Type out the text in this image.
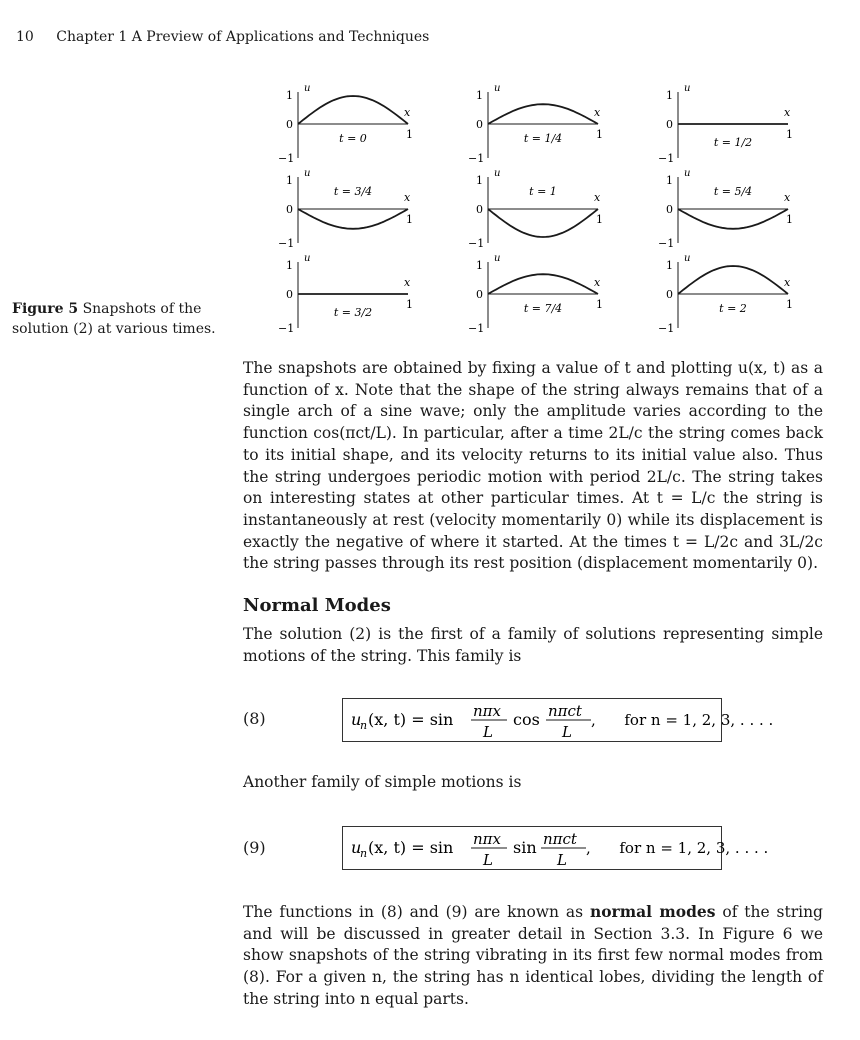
10 Chapter 1 A Preview of Applications and Techniques
Figure 5 Snapshots of the solution (2) at various times.
1
0
−1
u
x
1
t = 0
1
0
−1
u
x
1
t = 1/4
1
0
−1
u
x
1
t = 1/2
1
0
−1
u
x
1
t = 3/4
1
0
−1
u
x
1
t = 1
1
0
−1
u
x
1
t = 5/4
1
0
−1
u
x
1
t = 3/2
1
0
−1
u
x
1
t = 7/4
1
0
−1
u
x
1
t = 2

The snapshots are obtained by fixing a value of t and plotting u(x, t) as a function of x. Note that the shape of the string always remains that of a single arch of a sine wave; only the amplitude varies according to the function cos(πct/L). In particular, after a time 2L/c the string comes back to its initial shape, and its velocity returns to its initial value also. Thus the string undergoes periodic motion with period 2L/c. The string takes on interesting states at other particular times. At t = L/c the string is instantaneously at rest (velocity momentarily 0) while its displacement is exactly the negative of where it started. At the times t = L/2c and 3L/2c the string passes through its rest position (displacement momentarily 0).

Normal Modes

The solution (2) is the first of a family of solutions representing simple motions of the string. This family is

(8)	u
n (x, t) = sin nπx
L
cos nπct
L
,      for n = 1, 2, 3, . . . .

Another family of simple motions is

(9)	u
n (x, t) = sin nπx
L
sin nπct
L
,      for n = 1, 2, 3, . . . .

The functions in (8) and (9) are known as normal modes of the string and will be discussed in greater detail in Section 3.3. In Figure 6 we show snapshots of the string vibrating in its first few normal modes from (8). For a given n, the string has n identical lobes, dividing the length of the string into n equal parts.
